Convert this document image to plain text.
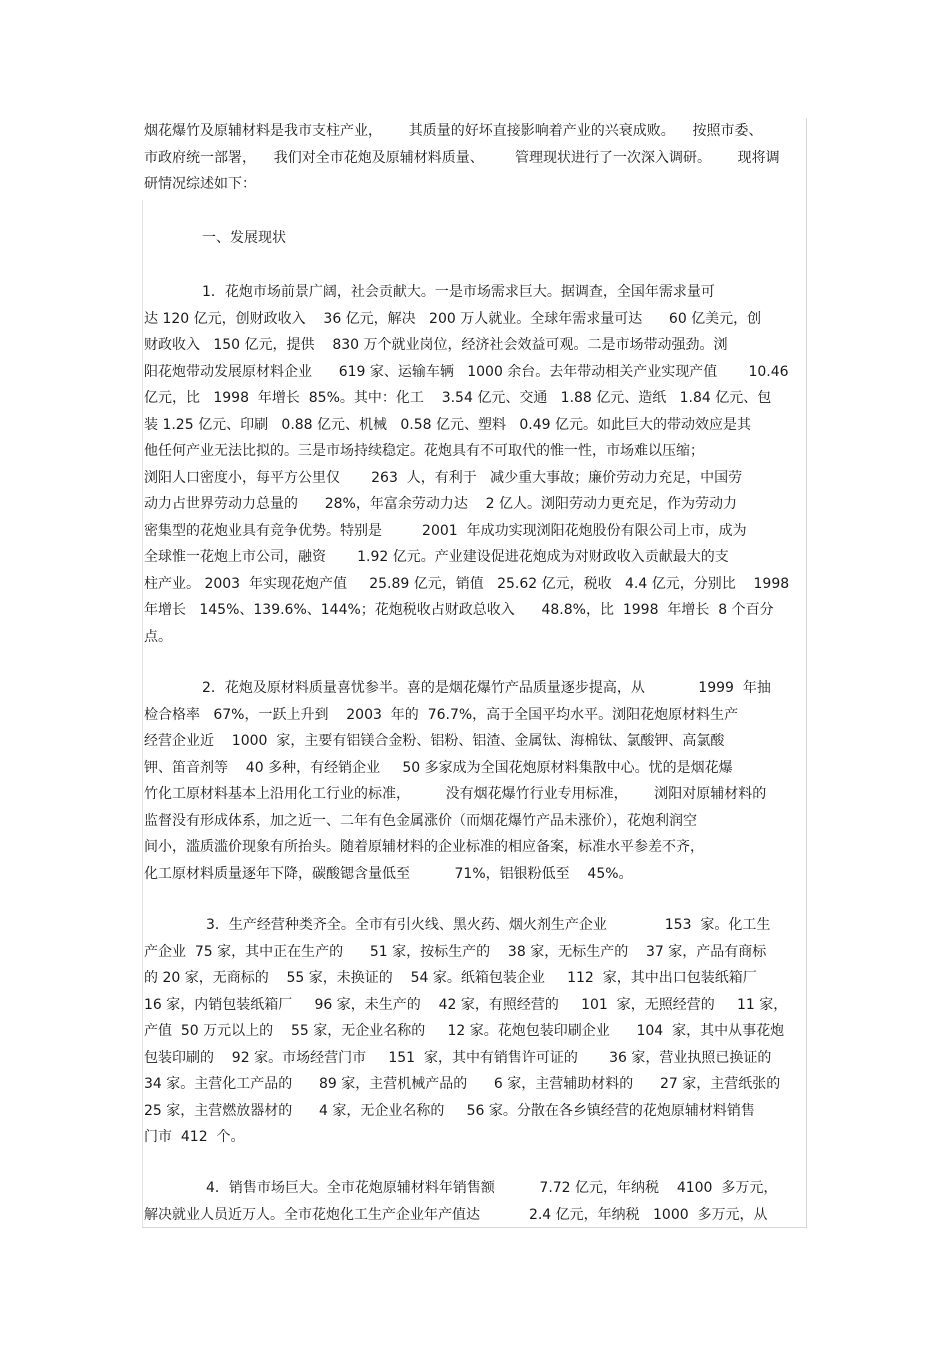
烟花爆竹及原辅材料是我市支柱产业，      其质量的好坏直接影响着产业的兴衰成败。    按照市委、
市政府统一部署，    我们对全市花炮及原辅材料质量、       管理现状进行了一次深入调研。      现将调
研情况综述如下：
一、发展现状
1．花炮市场前景广阔，社会贡献大。一是市场需求巨大。据调查，全国年需求量可
达 120 亿元，创财政收入    36 亿元，解决   200 万人就业。全球年需求量可达      60 亿美元，创
财政收入   150 亿元，提供    830 万个就业岗位，经济社会效益可观。二是市场带动强劲。浏
阳花炮带动发展原材料企业      619 家、运输车辆   1000 余台。去年带动相关产业实现产值       10.46
亿元，比   1998  年增长  85%。其中：化工    3.54 亿元、交通   1.88 亿元、造纸   1.84 亿元、包
装 1.25 亿元、印刷   0.88 亿元、机械   0.58 亿元、塑料   0.49 亿元。如此巨大的带动效应是其
他任何产业无法比拟的。三是市场持续稳定。花炮具有不可取代的惟一性，市场难以压缩；
浏阳人口密度小，每平方公里仅       263  人，有利于   减少重大事故；廉价劳动力充足，中国劳
动力占世界劳动力总量的      28%，年富余劳动力达    2 亿人。浏阳劳动力更充足，作为劳动力
密集型的花炮业具有竞争优势。特别是         2001  年成功实现浏阳花炮股份有限公司上市，成为
全球惟一花炮上市公司，融资       1.92 亿元。产业建设促进花炮成为对财政收入贡献最大的支
柱产业。 2003  年实现花炮产值     25.89 亿元，销值   25.62 亿元，税收   4.4 亿元，分别比    1998
年增长   145%、139.6%、144%；花炮税收占财政总收入      48.8%，比  1998  年增长  8 个百分
点。
2．花炮及原材料质量喜忧参半。喜的是烟花爆竹产品质量逐步提高，从            1999  年抽
检合格率   67%，一跃上升到    2003  年的  76.7%，高于全国平均水平。浏阳花炮原材料生产
经营企业近    1000  家，主要有铝镁合金粉、铝粉、铝渣、金属钛、海棉钛、氯酸钾、高氯酸
钾、笛音剂等    40 多种，有经销企业     50 多家成为全国花炮原材料集散中心。忧的是烟花爆
竹化工原材料基本上沿用化工行业的标准，        没有烟花爆竹行业专用标准，      浏阳对原辅材料的
监督没有形成体系，加之近一、二年有色金属涨价（而烟花爆竹产品未涨价），花炮利润空
间小，滥质滥价现象有所抬头。随着原辅材料的企业标准的相应备案，标准水平参差不齐，
化工原材料质量逐年下降，碳酸锶含量低至          71%，铝银粉低至    45%。
3．生产经营种类齐全。全市有引火线、黑火药、烟火剂生产企业             153  家。化工生
产企业  75 家，其中正在生产的      51 家，按标生产的    38 家，无标生产的    37 家，产品有商标
的 20 家，无商标的    55 家，未换证的    54 家。纸箱包装企业     112  家，其中出口包装纸箱厂
16 家，内销包装纸箱厂     96 家，未生产的    42 家，有照经营的     101  家，无照经营的     11 家，
产值  50 万元以上的    55 家，无企业名称的     12 家。花炮包装印刷企业      104  家，其中从事花炮
包装印刷的    92 家。市场经营门市     151  家，其中有销售许可证的       36 家，营业执照已换证的
34 家。主营化工产品的      89 家，主营机械产品的      6 家，主营辅助材料的      27 家，主营纸张的
25 家，主营燃放器材的      4 家，无企业名称的     56 家。分散在各乡镇经营的花炮原辅材料销售
门市  412  个。
4．销售市场巨大。全市花炮原辅材料年销售额          7.72 亿元，年纳税    4100  多万元，
解决就业人员近万人。全市花炮化工生产企业年产值达           2.4 亿元，年纳税   1000  多万元，从
